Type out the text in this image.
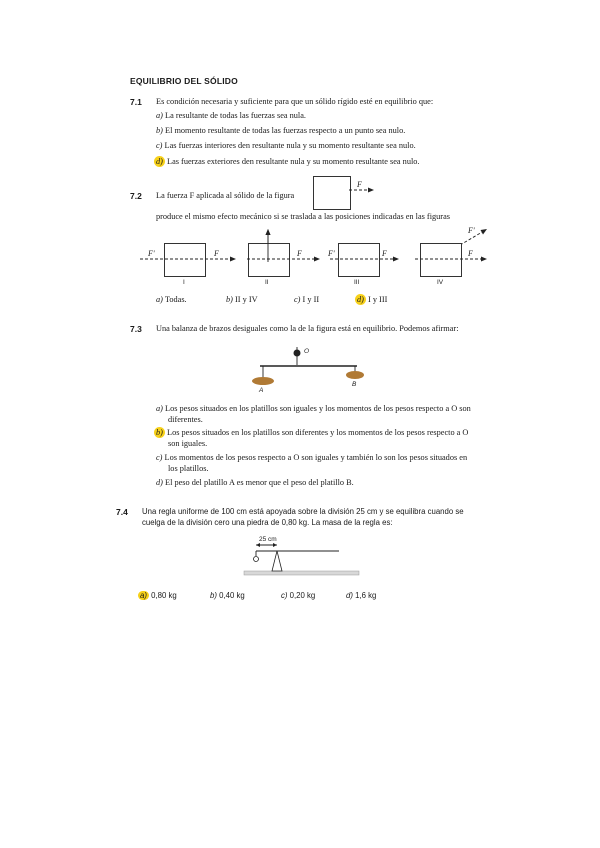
EQUILIBRIO DEL SÓLIDO
7.1 Es condición necesaria y suficiente para que un sólido rígido esté en equilibrio que:
a) La resultante de todas las fuerzas sea nula.
b) El momento resultante de todas las fuerzas respecto a un punto sea nulo.
c) Las fuerzas interiores den resultante nula y su momento resultante sea nulo.
d) Las fuerzas exteriores den resultante nula y su momento resultante sea nulo.
7.2 La fuerza F aplicada al sólido de la figura
produce el mismo efecto mecánico si se traslada a las posiciones indicadas en las figuras
F
F'	F	F	F'	F	F
F'
I	II	III	IV
a) Todas.	b) II y IV	c) I y II	d) I y III
7.3 Una balanza de brazos desiguales como la de la figura está en equilibrio. Podemos afirmar:
O
A
B
a) Los pesos situados en los platillos son iguales y los momentos de los pesos respecto a O son
diferentes.
b) Los pesos situados en los platillos son diferentes y los momentos de los pesos respecto a O
son iguales.
c) Los momentos de los pesos respecto a O son iguales y también lo son los pesos situados en
los platillos.
d) El peso del platillo A es menor que el peso del platillo B.
7.4 Una regla uniforme de 100 cm está apoyada sobre la división 25 cm y se equilibra cuando se
cuelga de la división cero una piedra de 0,80 kg. La masa de la regla es:
25 cm
a) 0,80 kg	b) 0,40 kg	c) 0,20 kg	d) 1,6 kg
